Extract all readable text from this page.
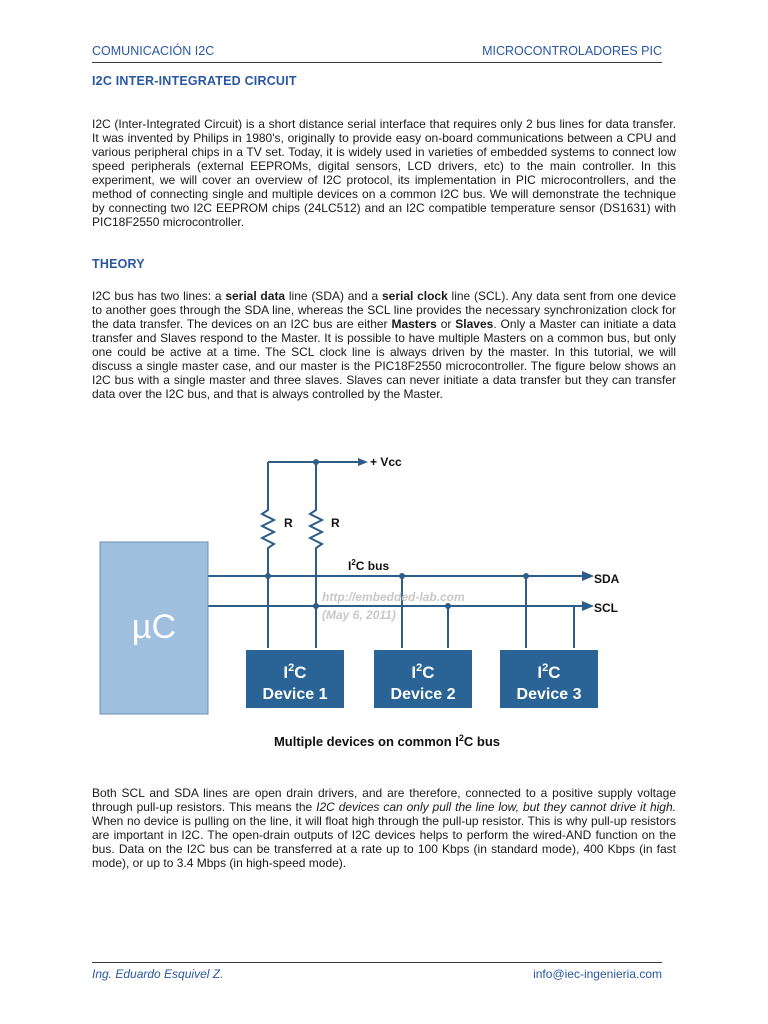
COMUNICACIÓN I2C	MICROCONTROLADORES PIC
I2C INTER-INTEGRATED CIRCUIT

I2C (Inter-Integrated Circuit) is a short distance serial interface that requires only 2 bus lines for data transfer. It was invented by Philips in 1980's, originally to provide easy on-board communications between a CPU and various peripheral chips in a TV set. Today, it is widely used in varieties of embedded systems to connect low speed peripherals (external EEPROMs, digital sensors, LCD drivers, etc) to the main controller. In this experiment, we will cover an overview of I2C protocol, its implementation in PIC microcontrollers, and the method of connecting single and multiple devices on a common I2C bus. We will demonstrate the technique by connecting two I2C EEPROM chips (24LC512) and an I2C compatible temperature sensor (DS1631) with PIC18F2550 microcontroller.

THEORY

I2C bus has two lines: a serial data line (SDA) and a serial clock line (SCL). Any data sent from one device to another goes through the SDA line, whereas the SCL line provides the necessary synchronization clock for the data transfer. The devices on an I2C bus are either Masters or Slaves. Only a Master can initiate a data transfer and Slaves respond to the Master. It is possible to have multiple Masters on a common bus, but only one could be active at a time. The SCL clock line is always driven by the master. In this tutorial, we will discuss a single master case, and our master is the PIC18F2550 microcontroller. The figure below shows an I2C bus with a single master and three slaves. Slaves can never initiate a data transfer but they can transfer data over the I2C bus, and that is always controlled by the Master.

µC
$I^2C$
Device 1
$I^2C$
Device 2
$I^2C$
Device 3
+ Vcc
R	R
$I^2C$ bus
SDA
SCL
http://embedded-lab.com
(May 6, 2011)
Multiple devices on common $I^2C$ bus

Both SCL and SDA lines are open drain drivers, and are therefore, connected to a positive supply voltage through pull-up resistors. This means the I2C devices can only pull the line low, but they cannot drive it high. When no device is pulling on the line, it will float high through the pull-up resistor. This is why pull-up resistors are important in I2C. The open-drain outputs of I2C devices helps to perform the wired-AND function on the bus. Data on the I2C bus can be transferred at a rate up to 100 Kbps (in standard mode), 400 Kbps (in fast mode), or up to 3.4 Mbps (in high-speed mode).

Ing. Eduardo Esquivel Z.	info@iec-ingenieria.com
